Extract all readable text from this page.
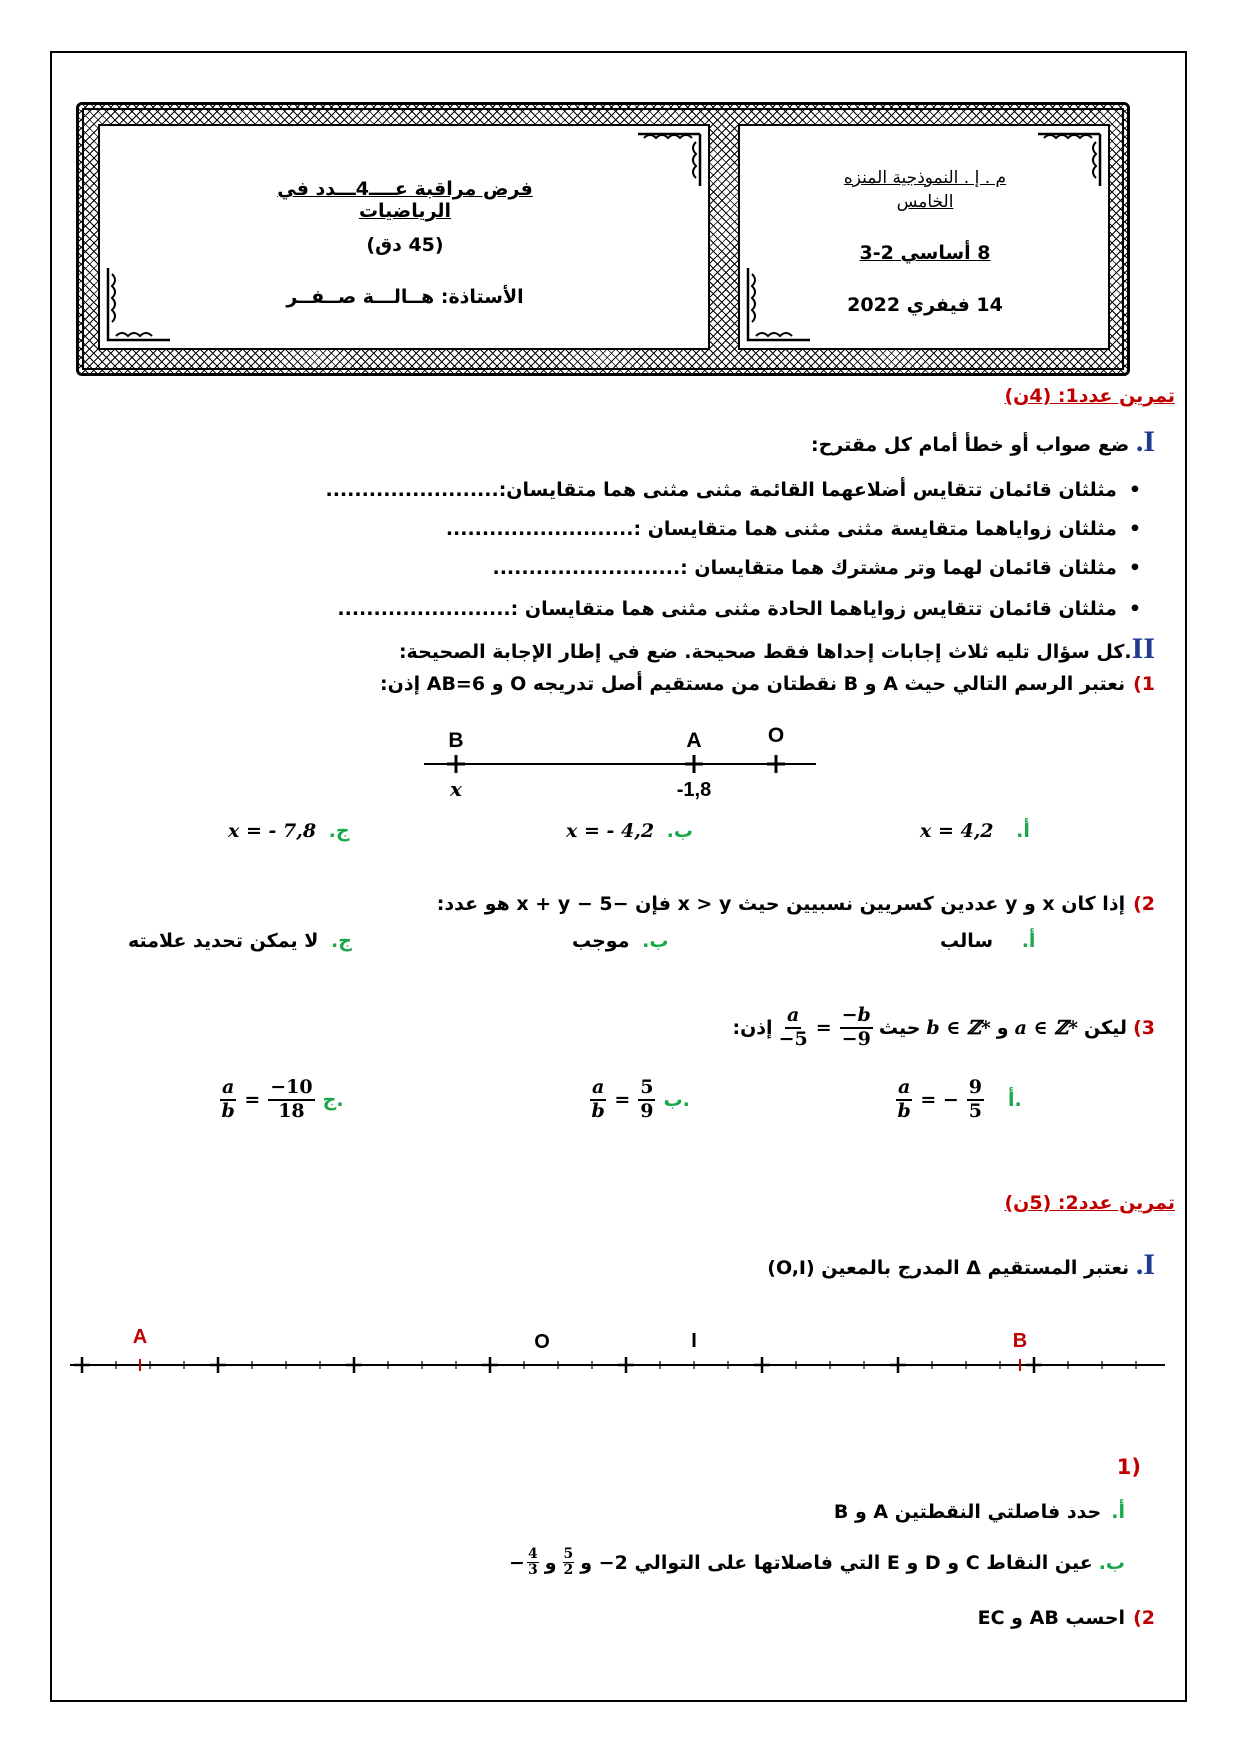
فرض مراقبة عــــ4ـــدد في الرياضيات
(45 دق)
الأستاذة: هــالـــة صــفــر
م . إ . النموذجية المنزه
الخامس
8 أساسي 2-3
14 فيفري 2022
تمرين عدد1: (4ن)
I. ضع صواب أو خطأ أمام كل مقترح:
•مثلثان قائمان تتقايس أضلاعهما القائمة مثنى مثنى هما متقايسان:........................
•مثلثان زواياهما متقايسة مثنى مثنى هما متقايسان :..........................
•مثلثان قائمان لهما وتر مشترك هما متقايسان :..........................
•مثلثان قائمان تتقايس زواياهما الحادة مثنى مثنى هما متقايسان :........................
II.كل سؤال تليه ثلاث إجابات إحداها فقط صحيحة. ضع في إطار الإجابة الصحيحة:
1)نعتبر الرسم التالي حيث A و B نقطتان من مستقيم أصل تدريجه O و AB=6 إذن:
B	A	O
x	-1,8
أ. x = 4,2
ب. x = - 4,2
ج. x = - 7,8
2)إذا كان x و y عددين كسريين نسبيين حيث x > y فإن −5 − x + y هو عدد:
أ. سالب
ب. موجب
ج. لا يمكن تحديد علامته
3)
ليكن
a ∈ ℤ*
و
b ∈ ℤ*
حيث
$\frac{a}{-5} = \frac{-b}{-9}$
إذن:
$\frac{a}{b}$ = − $\frac{9}{5}$ أ.
$\frac{a}{b} = \frac{5}{9}$ ب.
$\frac{a}{b} = \frac{-10}{18}$ ج.
تمرين عدد2: (5ن)
I. نعتبر المستقيم Δ المدرج بالمعين (O,I)
A	O	I	B
(1
أ.حدد فاصلتي النقطتين A و B
ب.
عين النقاط C و D و E التي فاصلاتها على التوالي 2− و
$\frac{5}{2}$
و
− $\frac{4}{3}$
2)احسب AB و EC
